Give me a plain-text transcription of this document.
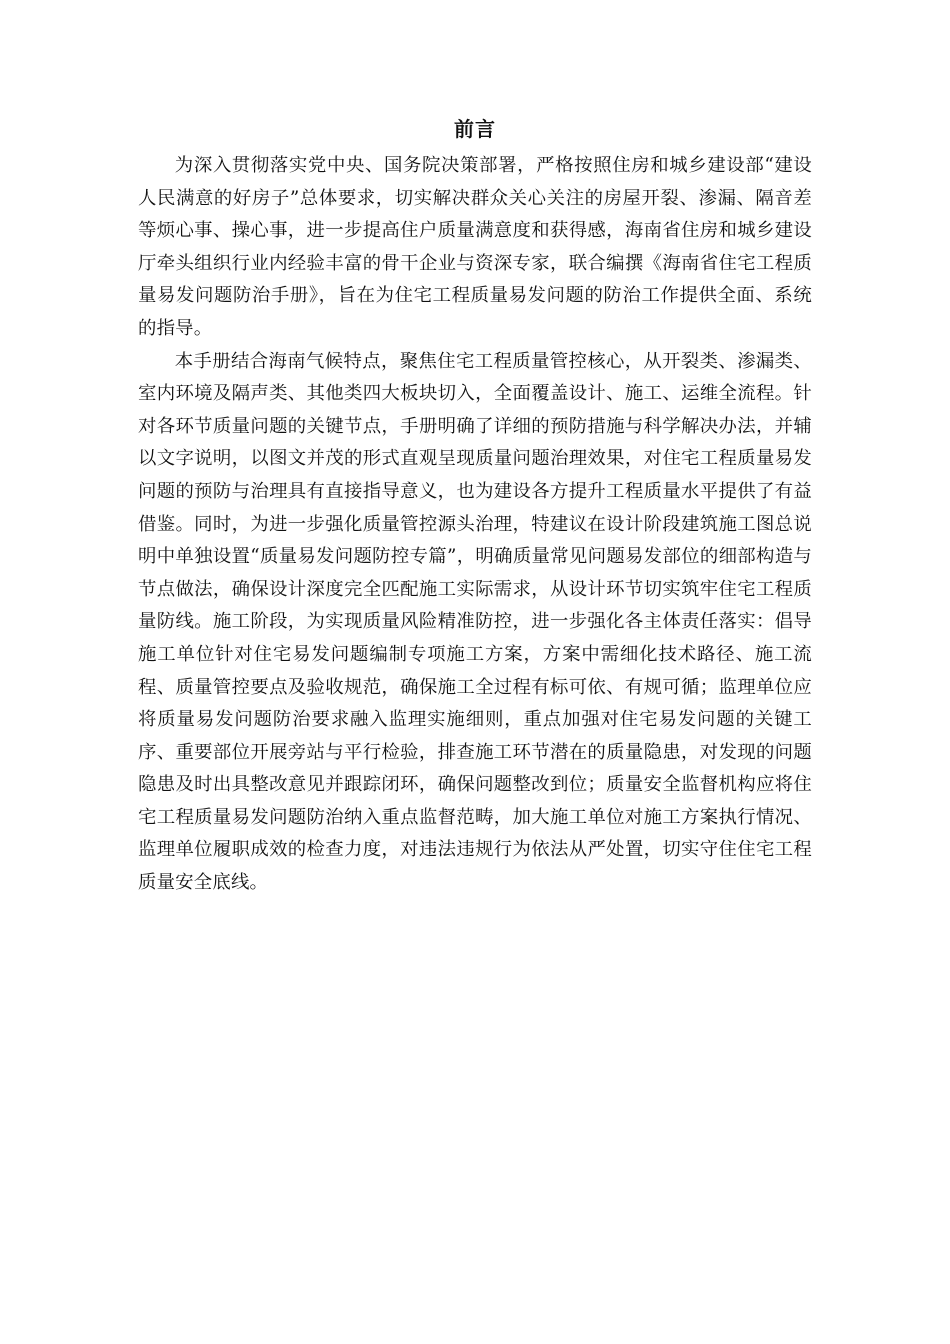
前言

为深入贯彻落实党中央、国务院决策部署，严格按照住房和城乡建设部“建设人民满意的好房子”总体要求，切实解决群众关心关注的房屋开裂、渗漏、隔音差等烦心事、操心事，进一步提高住户质量满意度和获得感，海南省住房和城乡建设厅牵头组织行业内经验丰富的骨干企业与资深专家，联合编撰《海南省住宅工程质量易发问题防治手册》，旨在为住宅工程质量易发问题的防治工作提供全面、系统的指导。

本手册结合海南气候特点，聚焦住宅工程质量管控核心，从开裂类、渗漏类、室内环境及隔声类、其他类四大板块切入，全面覆盖设计、施工、运维全流程。针对各环节质量问题的关键节点，手册明确了详细的预防措施与科学解决办法，并辅以文字说明，以图文并茂的形式直观呈现质量问题治理效果，对住宅工程质量易发问题的预防与治理具有直接指导意义，也为建设各方提升工程质量水平提供了有益借鉴。同时，为进一步强化质量管控源头治理，特建议在设计阶段建筑施工图总说明中单独设置“质量易发问题防控专篇”，明确质量常见问题易发部位的细部构造与节点做法，确保设计深度完全匹配施工实际需求，从设计环节切实筑牢住宅工程质量防线。施工阶段，为实现质量风险精准防控，进一步强化各主体责任落实：倡导施工单位针对住宅易发问题编制专项施工方案，方案中需细化技术路径、施工流程、质量管控要点及验收规范，确保施工全过程有标可依、有规可循；监理单位应将质量易发问题防治要求融入监理实施细则，重点加强对住宅易发问题的关键工序、重要部位开展旁站与平行检验，排查施工环节潜在的质量隐患，对发现的问题隐患及时出具整改意见并跟踪闭环，确保问题整改到位；质量安全监督机构应将住宅工程质量易发问题防治纳入重点监督范畴，加大施工单位对施工方案执行情况、监理单位履职成效的检查力度，对违法违规行为依法从严处置，切实守住住宅工程质量安全底线。
